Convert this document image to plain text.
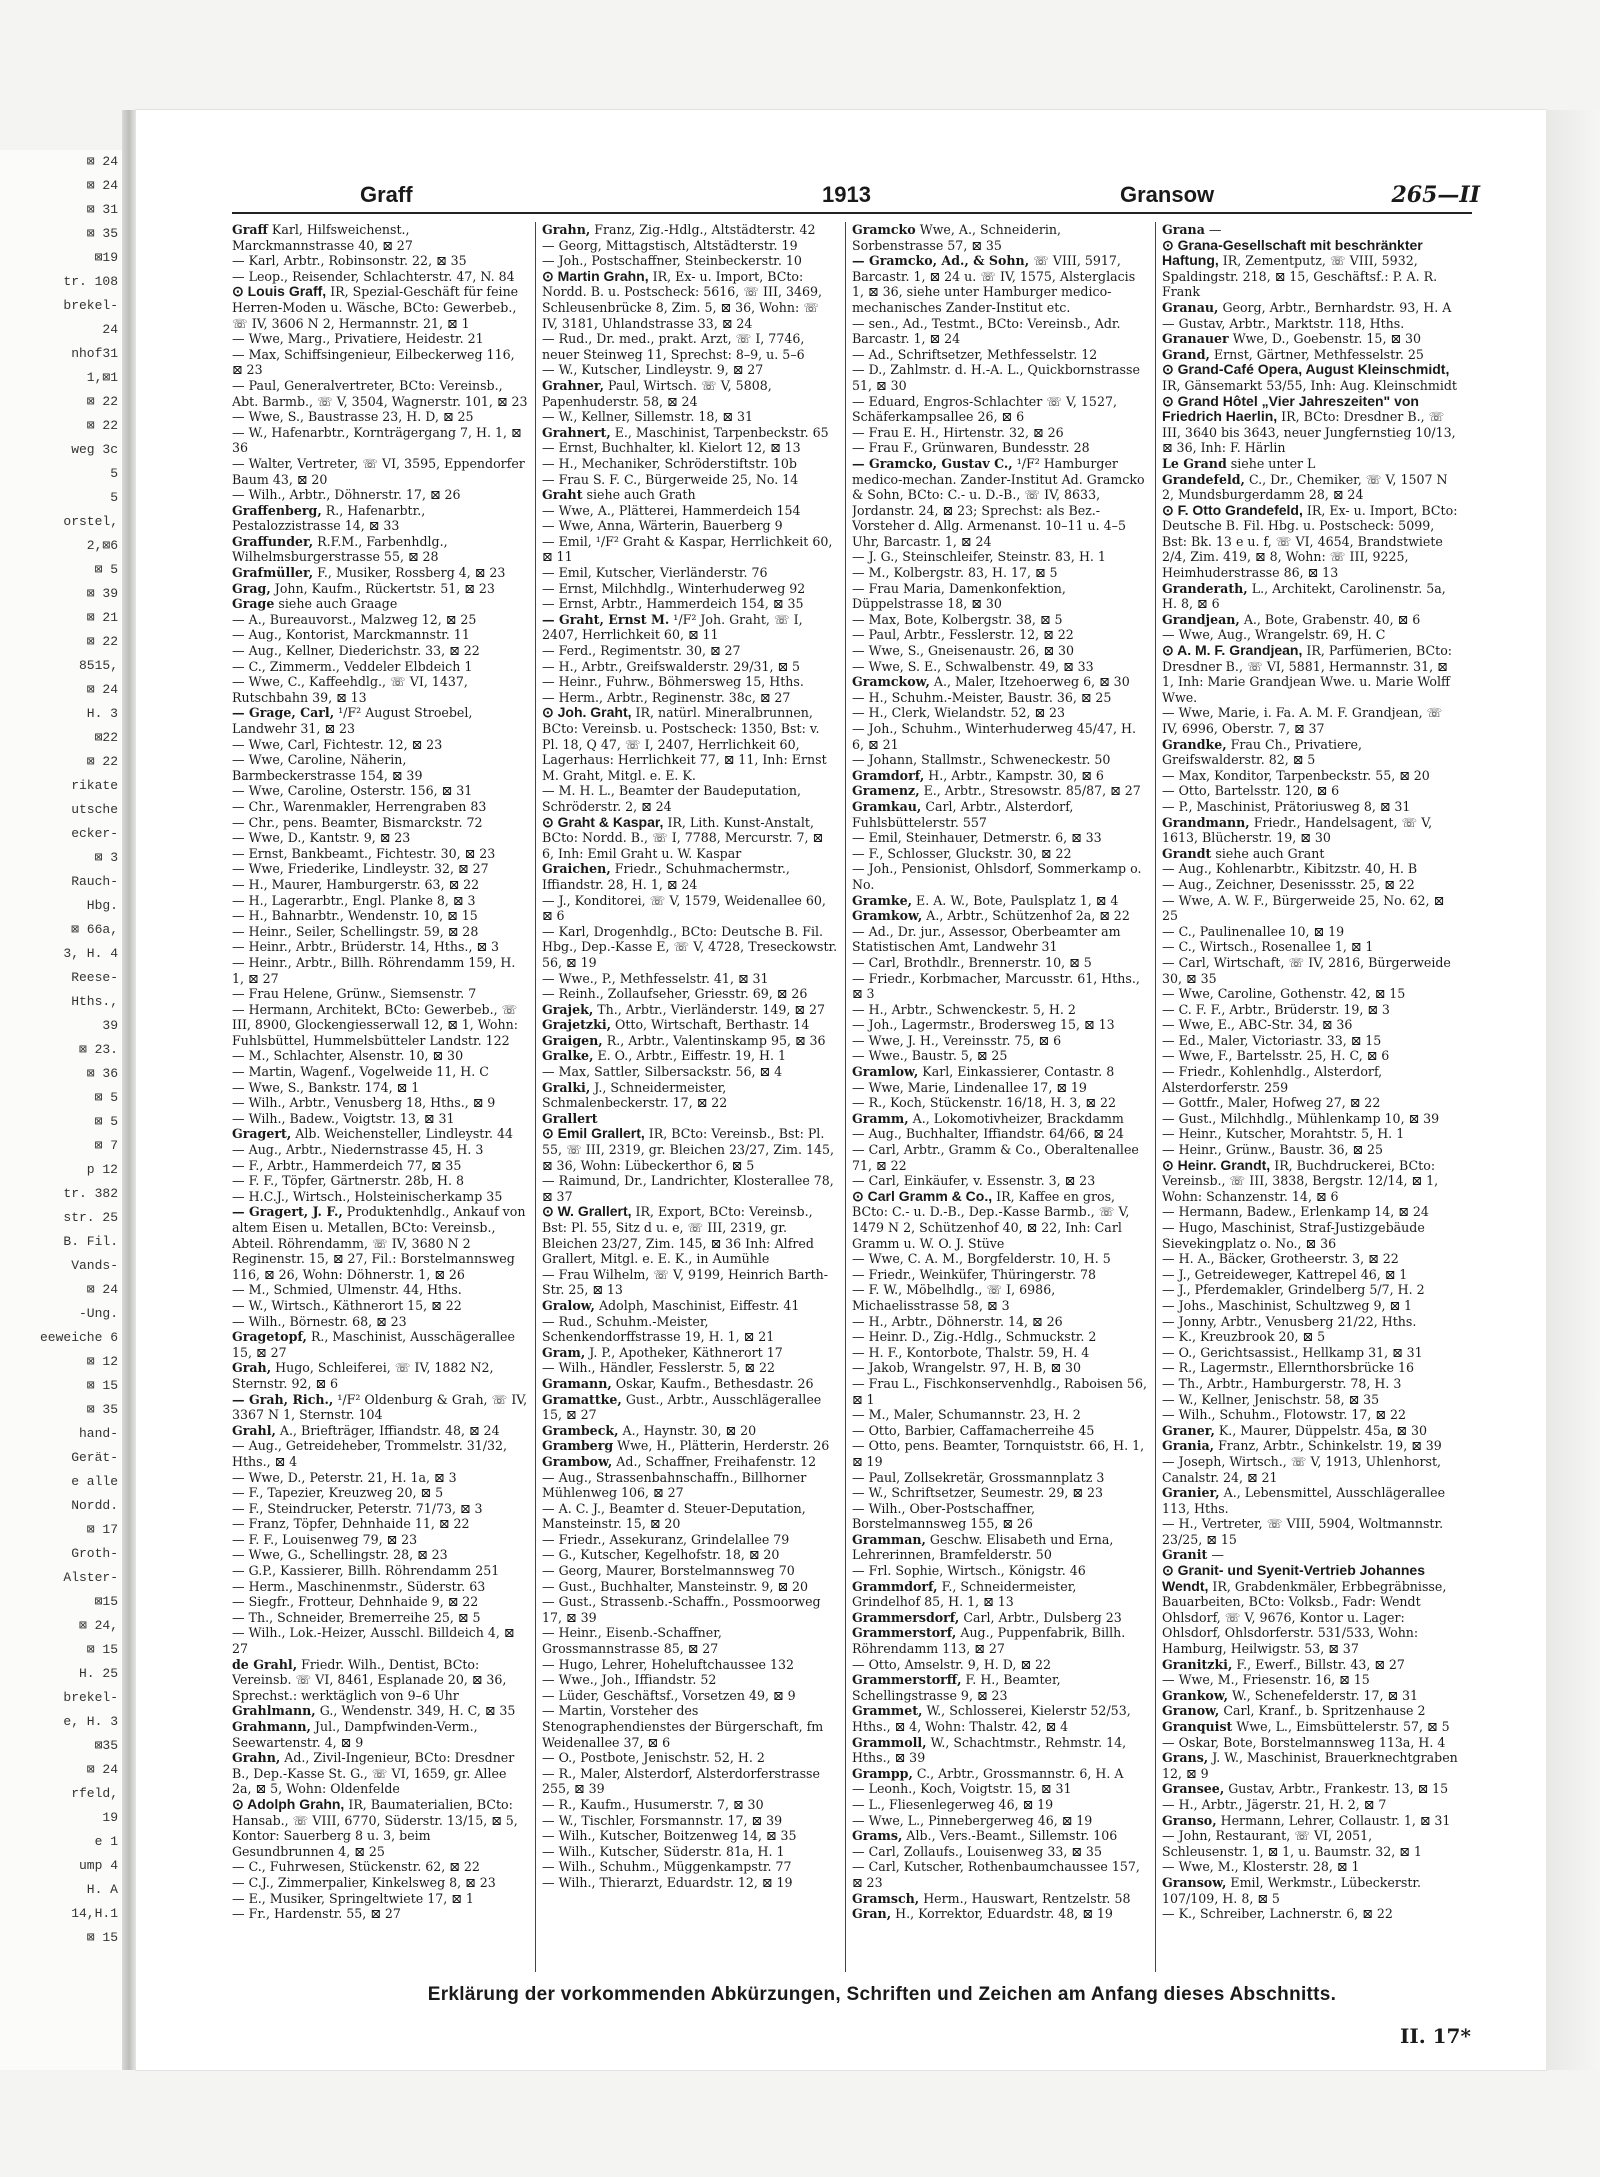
⊠ 24
⊠ 24
⊠ 31
⊠ 35
⊠19
tr. 108
brekel-
24
nhof31
1,⊠1
⊠ 22
⊠ 22
weg 3c
5
5
orstel,
2,⊠6
⊠ 5
⊠ 39
⊠ 21
⊠ 22
8515,
⊠ 24
H. 3
⊠22
⊠ 22
rikate
utsche
ecker-
⊠ 3
Rauch-
Hbg.
⊠ 66a,
3, H. 4
Reese-
Hths.,
39
⊠ 23.
⊠ 36
⊠ 5
⊠ 5
⊠ 7
p 12
tr. 382
str. 25
B. Fil.
Vands-
⊠ 24
-Ung.
eeweiche 6
⊠ 12
⊠ 15
⊠ 35
hand-
Gerät-
e alle
Nordd.
⊠ 17
Groth-
Alster-
⊠15
⊠ 24,
⊠ 15
H. 25
brekel-
e, H. 3
⊠35
⊠ 24
rfeld,
19
e 1
ump 4
H. A
14,H.1
⊠ 15
Graff	1913	Gransow	265—II
Graff Karl, Hilfsweichenst., Marckmannstrasse 40, ⊠ 27
— Karl, Arbtr., Robinsonstr. 22, ⊠ 35
— Leop., Reisender, Schlachterstr. 47, N. 84
⊙ Louis Graff, IR, Spezial-Geschäft für feine Herren-Moden u. Wäsche, BCto: Gewerbeb., ☏ IV, 3606 N 2, Hermannstr. 21, ⊠ 1
— Wwe, Marg., Privatiere, Heidestr. 21
— Max, Schiffsingenieur, Eilbeckerweg 116, ⊠ 23
— Paul, Generalvertreter, BCto: Vereinsb., Abt. Barmb., ☏ V, 3504, Wagnerstr. 101, ⊠ 23
— Wwe, S., Baustrasse 23, H. D, ⊠ 25
— W., Hafenarbtr., Kornträgergang 7, H. 1, ⊠ 36
— Walter, Vertreter, ☏ VI, 3595, Eppendorfer Baum 43, ⊠ 20
— Wilh., Arbtr., Döhnerstr. 17, ⊠ 26
Graffenberg, R., Hafenarbtr., Pestalozzistrasse 14, ⊠ 33
Graffunder, R.F.M., Farbenhdlg., Wilhelmsburgerstrasse 55, ⊠ 28
Grafmüller, F., Musiker, Rossberg 4, ⊠ 23
Grag, John, Kaufm., Rückertstr. 51, ⊠ 23
Grage siehe auch Graage
— A., Bureauvorst., Malzweg 12, ⊠ 25
— Aug., Kontorist, Marckmannstr. 11
— Aug., Kellner, Diederichstr. 33, ⊠ 22
— C., Zimmerm., Veddeler Elbdeich 1
— Wwe, C., Kaffeehdlg., ☏ VI, 1437, Rutschbahn 39, ⊠ 13
— Grage, Carl, ¹/F² August Stroebel, Landwehr 31, ⊠ 23
— Wwe, Carl, Fichtestr. 12, ⊠ 23
— Wwe, Caroline, Näherin, Barmbeckerstrasse 154, ⊠ 39
— Wwe, Caroline, Osterstr. 156, ⊠ 31
— Chr., Warenmakler, Herrengraben 83
— Chr., pens. Beamter, Bismarckstr. 72
— Wwe, D., Kantstr. 9, ⊠ 23
— Ernst, Bankbeamt., Fichtestr. 30, ⊠ 23
— Wwe, Friederike, Lindleystr. 32, ⊠ 27
— H., Maurer, Hamburgerstr. 63, ⊠ 22
— H., Lagerarbtr., Engl. Planke 8, ⊠ 3
— H., Bahnarbtr., Wendenstr. 10, ⊠ 15
— Heinr., Seiler, Schellingstr. 59, ⊠ 28
— Heinr., Arbtr., Brüderstr. 14, Hths., ⊠ 3
— Heinr., Arbtr., Billh. Röhrendamm 159, H. 1, ⊠ 27
— Frau Helene, Grünw., Siemsenstr. 7
— Hermann, Architekt, BCto: Gewerbeb., ☏ III, 8900, Glockengiesserwall 12, ⊠ 1, Wohn: Fuhlsbüttel, Hummelsbütteler Landstr. 122
— M., Schlachter, Alsenstr. 10, ⊠ 30
— Martin, Wagenf., Vogelweide 11, H. C
— Wwe, S., Bankstr. 174, ⊠ 1
— Wilh., Arbtr., Venusberg 18, Hths., ⊠ 9
— Wilh., Badew., Voigtstr. 13, ⊠ 31
Gragert, Alb. Weichensteller, Lindleystr. 44
— Aug., Arbtr., Niedernstrasse 45, H. 3
— F., Arbtr., Hammerdeich 77, ⊠ 35
— F. F., Töpfer, Gärtnerstr. 28b, H. 8
— H.C.J., Wirtsch., Holsteinischerkamp 35
— Gragert, J. F., Produktenhdlg., Ankauf von altem Eisen u. Metallen, BCto: Vereinsb., Abteil. Röhrendamm, ☏ IV, 3680 N 2 Reginenstr. 15, ⊠ 27, Fil.: Borstelmannsweg 116, ⊠ 26, Wohn: Döhnerstr. 1, ⊠ 26
— M., Schmied, Ulmenstr. 44, Hths.
— W., Wirtsch., Käthnerort 15, ⊠ 22
— Wilh., Börnestr. 68, ⊠ 23
Gragetopf, R., Maschinist, Ausschägerallee 15, ⊠ 27
Grah, Hugo, Schleiferei, ☏ IV, 1882 N2, Sternstr. 92, ⊠ 6
— Grah, Rich., ¹/F² Oldenburg & Grah, ☏ IV, 3367 N 1, Sternstr. 104
Grahl, A., Briefträger, Iffiandstr. 48, ⊠ 24
— Aug., Getreideheber, Trommelstr. 31/32, Hths., ⊠ 4
— Wwe, D., Peterstr. 21, H. 1a, ⊠ 3
— F., Tapezier, Kreuzweg 20, ⊠ 5
— F., Steindrucker, Peterstr. 71/73, ⊠ 3
— Franz, Töpfer, Dehnhaide 11, ⊠ 22
— F. F., Louisenweg 79, ⊠ 23
— Wwe, G., Schellingstr. 28, ⊠ 23
— G.P., Kassierer, Billh. Röhrendamm 251
— Herm., Maschinenmstr., Süderstr. 63
— Siegfr., Frotteur, Dehnhaide 9, ⊠ 22
— Th., Schneider, Bremerreihe 25, ⊠ 5
— Wilh., Lok.-Heizer, Ausschl. Billdeich 4, ⊠ 27
de Grahl, Friedr. Wilh., Dentist, BCto: Vereinsb. ☏ VI, 8461, Esplanade 20, ⊠ 36, Sprechst.: werktäglich von 9–6 Uhr
Grahlmann, G., Wendenstr. 349, H. C, ⊠ 35
Grahmann, Jul., Dampfwinden-Verm., Seewartenstr. 4, ⊠ 9
Grahn, Ad., Zivil-Ingenieur, BCto: Dresdner B., Dep.-Kasse St. G., ☏ VI, 1659, gr. Allee 2a, ⊠ 5, Wohn: Oldenfelde
⊙ Adolph Grahn, IR, Baumaterialien, BCto: Hansab., ☏ VIII, 6770, Süderstr. 13/15, ⊠ 5, Kontor: Sauerberg 8 u. 3, beim Gesundbrunnen 4, ⊠ 25
— C., Fuhrwesen, Stückenstr. 62, ⊠ 22
— C.J., Zimmerpalier, Kinkelsweg 8, ⊠ 23
— E., Musiker, Springeltwiete 17, ⊠ 1
— Fr., Hardenstr. 55, ⊠ 27
Grahn, Franz, Zig.-Hdlg., Altstädterstr. 42
— Georg, Mittagstisch, Altstädterstr. 19
— Joh., Postschaffner, Steinbeckerstr. 10
⊙ Martin Grahn, IR, Ex- u. Import, BCto: Nordd. B. u. Postscheck: 5616, ☏ III, 3469, Schleusenbrücke 8, Zim. 5, ⊠ 36, Wohn: ☏ IV, 3181, Uhlandstrasse 33, ⊠ 24
— Rud., Dr. med., prakt. Arzt, ☏ I, 7746, neuer Steinweg 11, Sprechst: 8–9, u. 5–6
— W., Kutscher, Lindleystr. 9, ⊠ 27
Grahner, Paul, Wirtsch. ☏ V, 5808, Papenhuderstr. 58, ⊠ 24
— W., Kellner, Sillemstr. 18, ⊠ 31
Grahnert, E., Maschinist, Tarpenbeckstr. 65
— Ernst, Buchhalter, kl. Kielort 12, ⊠ 13
— H., Mechaniker, Schröderstiftstr. 10b
— Frau S. F. C., Bürgerweide 25, No. 14
Graht siehe auch Grath
— Wwe, A., Plätterei, Hammerdeich 154
— Wwe, Anna, Wärterin, Bauerberg 9
— Emil, ¹/F² Graht & Kaspar, Herrlichkeit 60, ⊠ 11
— Emil, Kutscher, Vierländerstr. 76
— Ernst, Milchhdlg., Winterhuderweg 92
— Ernst, Arbtr., Hammerdeich 154, ⊠ 35
— Graht, Ernst M. ¹/F² Joh. Graht, ☏ I, 2407, Herrlichkeit 60, ⊠ 11
— Ferd., Regimentstr. 30, ⊠ 27
— H., Arbtr., Greifswalderstr. 29/31, ⊠ 5
— Heinr., Fuhrw., Böhmersweg 15, Hths.
— Herm., Arbtr., Reginenstr. 38c, ⊠ 27
⊙ Joh. Graht, IR, natürl. Mineralbrunnen, BCto: Vereinsb. u. Postscheck: 1350, Bst: v. Pl. 18, Q 47, ☏ I, 2407, Herrlichkeit 60, Lagerhaus: Herrlichkeit 77, ⊠ 11, Inh: Ernst M. Graht, Mitgl. e. E. K.
— M. H. L., Beamter der Baudeputation, Schröderstr. 2, ⊠ 24
⊙ Graht & Kaspar, IR, Lith. Kunst-Anstalt, BCto: Nordd. B., ☏ I, 7788, Mercurstr. 7, ⊠ 6, Inh: Emil Graht u. W. Kaspar
Graichen, Friedr., Schuhmachermstr., Iffiandstr. 28, H. 1, ⊠ 24
— J., Konditorei, ☏ V, 1579, Weidenallee 60, ⊠ 6
— Karl, Drogenhdlg., BCto: Deutsche B. Fil. Hbg., Dep.-Kasse E, ☏ V, 4728, Treseckowstr. 56, ⊠ 19
— Wwe., P., Methfesselstr. 41, ⊠ 31
— Reinh., Zollaufseher, Griesstr. 69, ⊠ 26
Grajek, Th., Arbtr., Vierländerstr. 149, ⊠ 27
Grajetzki, Otto, Wirtschaft, Berthastr. 14
Graigen, R., Arbtr., Valentinskamp 95, ⊠ 36
Gralke, E. O., Arbtr., Eiffestr. 19, H. 1
— Max, Sattler, Silbersackstr. 56, ⊠ 4
Gralki, J., Schneidermeister, Schmalenbeckerstr. 17, ⊠ 22
Grallert
⊙ Emil Grallert, IR, BCto: Vereinsb., Bst: Pl. 55, ☏ III, 2319, gr. Bleichen 23/27, Zim. 145, ⊠ 36, Wohn: Lübeckerthor 6, ⊠ 5
— Raimund, Dr., Landrichter, Klosterallee 78, ⊠ 37
⊙ W. Grallert, IR, Export, BCto: Vereinsb., Bst: Pl. 55, Sitz d u. e, ☏ III, 2319, gr. Bleichen 23/27, Zim. 145, ⊠ 36 Inh: Alfred Grallert, Mitgl. e. E. K., in Aumühle
— Frau Wilhelm, ☏ V, 9199, Heinrich Barth-Str. 25, ⊠ 13
Gralow, Adolph, Maschinist, Eiffestr. 41
— Rud., Schuhm.-Meister, Schenkendorffstrasse 19, H. 1, ⊠ 21
Gram, J. P., Apotheker, Käthnerort 17
— Wilh., Händler, Fesslerstr. 5, ⊠ 22
Gramann, Oskar, Kaufm., Bethesdastr. 26
Gramattke, Gust., Arbtr., Ausschlägerallee 15, ⊠ 27
Grambeck, A., Haynstr. 30, ⊠ 20
Gramberg Wwe, H., Plätterin, Herderstr. 26
Grambow, Ad., Schaffner, Freihafenstr. 12
— Aug., Strassenbahnschaffn., Billhorner Mühlenweg 106, ⊠ 27
— A. C. J., Beamter d. Steuer-Deputation, Mansteinstr. 15, ⊠ 20
— Friedr., Assekuranz, Grindelallee 79
— G., Kutscher, Kegelhofstr. 18, ⊠ 20
— Georg, Maurer, Borstelmannsweg 70
— Gust., Buchhalter, Mansteinstr. 9, ⊠ 20
— Gust., Strassenb.-Schaffn., Possmoorweg 17, ⊠ 39
— Heinr., Eisenb.-Schaffner, Grossmannstrasse 85, ⊠ 27
— Hugo, Lehrer, Hoheluftchaussee 132
— Wwe., Joh., Iffiandstr. 52
— Lüder, Geschäftsf., Vorsetzen 49, ⊠ 9
— Martin, Vorsteher des Stenographendienstes der Bürgerschaft, fm Weidenallee 37, ⊠ 6
— O., Postbote, Jenischstr. 52, H. 2
— R., Maler, Alsterdorf, Alsterdorferstrasse 255, ⊠ 39
— R., Kaufm., Husumerstr. 7, ⊠ 30
— W., Tischler, Forsmannstr. 17, ⊠ 39
— Wilh., Kutscher, Boitzenweg 14, ⊠ 35
— Wilh., Kutscher, Süderstr. 81a, H. 1
— Wilh., Schuhm., Müggenkampstr. 77
— Wilh., Thierarzt, Eduardstr. 12, ⊠ 19
Gramcko Wwe, A., Schneiderin, Sorbenstrasse 57, ⊠ 35
— Gramcko, Ad., & Sohn, ☏ VIII, 5917, Barcastr. 1, ⊠ 24 u. ☏ IV, 1575, Alsterglacis 1, ⊠ 36, siehe unter Hamburger medico-mechanisches Zander-Institut etc.
— sen., Ad., Testmt., BCto: Vereinsb., Adr. Barcastr. 1, ⊠ 24
— Ad., Schriftsetzer, Methfesselstr. 12
— D., Zahlmstr. d. H.-A. L., Quickbornstrasse 51, ⊠ 30
— Eduard, Engros-Schlachter ☏ V, 1527, Schäferkampsallee 26, ⊠ 6
— Frau E. H., Hirtenstr. 32, ⊠ 26
— Frau F., Grünwaren, Bundesstr. 28
— Gramcko, Gustav C., ¹/F² Hamburger medico-mechan. Zander-Institut Ad. Gramcko & Sohn, BCto: C.- u. D.-B., ☏ IV, 8633, Jordanstr. 24, ⊠ 23; Sprechst: als Bez.-Vorsteher d. Allg. Armenanst. 10–11 u. 4–5 Uhr, Barcastr. 1, ⊠ 24
— J. G., Steinschleifer, Steinstr. 83, H. 1
— M., Kolbergstr. 83, H. 17, ⊠ 5
— Frau Maria, Damenkonfektion, Düppelstrasse 18, ⊠ 30
— Max, Bote, Kolbergstr. 38, ⊠ 5
— Paul, Arbtr., Fesslerstr. 12, ⊠ 22
— Wwe, S., Gneisenaustr. 26, ⊠ 30
— Wwe, S. E., Schwalbenstr. 49, ⊠ 33
Gramckow, A., Maler, Itzehoerweg 6, ⊠ 30
— H., Schuhm.-Meister, Baustr. 36, ⊠ 25
— H., Clerk, Wielandstr. 52, ⊠ 23
— Joh., Schuhm., Winterhuderweg 45/47, H. 6, ⊠ 21
— Johann, Stallmstr., Schweneckestr. 50
Gramdorf, H., Arbtr., Kampstr. 30, ⊠ 6
Gramenz, E., Arbtr., Stresowstr. 85/87, ⊠ 27
Gramkau, Carl, Arbtr., Alsterdorf, Fuhlsbüttelerstr. 557
— Emil, Steinhauer, Detmerstr. 6, ⊠ 33
— F., Schlosser, Gluckstr. 30, ⊠ 22
— Joh., Pensionist, Ohlsdorf, Sommerkamp o. No.
Gramke, E. A. W., Bote, Paulsplatz 1, ⊠ 4
Gramkow, A., Arbtr., Schützenhof 2a, ⊠ 22
— Ad., Dr. jur., Assessor, Oberbeamter am Statistischen Amt, Landwehr 31
— Carl, Brothdlr., Brennerstr. 10, ⊠ 5
— Friedr., Korbmacher, Marcusstr. 61, Hths., ⊠ 3
— H., Arbtr., Schwenckestr. 5, H. 2
— Joh., Lagermstr., Brodersweg 15, ⊠ 13
— Wwe, J. H., Vereinsstr. 75, ⊠ 6
— Wwe., Baustr. 5, ⊠ 25
Gramlow, Karl, Einkassierer, Contastr. 8
— Wwe, Marie, Lindenallee 17, ⊠ 19
— R., Koch, Stückenstr. 16/18, H. 3, ⊠ 22
Gramm, A., Lokomotivheizer, Brackdamm
— Aug., Buchhalter, Iffiandstr. 64/66, ⊠ 24
— Carl, Arbtr., Gramm & Co., Oberaltenallee 71, ⊠ 22
— Carl, Einkäufer, v. Essenstr. 3, ⊠ 23
⊙ Carl Gramm & Co., IR, Kaffee en gros, BCto: C.- u. D.-B., Dep.-Kasse Barmb., ☏ V, 1479 N 2, Schützenhof 40, ⊠ 22, Inh: Carl Gramm u. W. O. J. Stüve
— Wwe, C. A. M., Borgfelderstr. 10, H. 5
— Friedr., Weinküfer, Thüringerstr. 78
— F. W., Möbelhdlg., ☏ I, 6986, Michaelisstrasse 58, ⊠ 3
— H., Arbtr., Döhnerstr. 14, ⊠ 26
— Heinr. D., Zig.-Hdlg., Schmuckstr. 2
— H. F., Kontorbote, Thalstr. 59, H. 4
— Jakob, Wrangelstr. 97, H. B, ⊠ 30
— Frau L., Fischkonservenhdlg., Raboisen 56, ⊠ 1
— M., Maler, Schumannstr. 23, H. 2
— Otto, Barbier, Caffamacherreihe 45
— Otto, pens. Beamter, Tornquiststr. 66, H. 1, ⊠ 19
— Paul, Zollsekretär, Grossmannplatz 3
— W., Schriftsetzer, Seumestr. 29, ⊠ 23
— Wilh., Ober-Postschaffner, Borstelmannsweg 155, ⊠ 26
Gramman, Geschw. Elisabeth und Erna, Lehrerinnen, Bramfelderstr. 50
— Frl. Sophie, Wirtsch., Königstr. 46
Grammdorf, F., Schneidermeister, Grindelhof 85, H. 1, ⊠ 13
Grammersdorf, Carl, Arbtr., Dulsberg 23
Grammerstorf, Aug., Puppenfabrik, Billh. Röhrendamm 113, ⊠ 27
— Otto, Amselstr. 9, H. D, ⊠ 22
Grammerstorff, F. H., Beamter, Schellingstrasse 9, ⊠ 23
Grammet, W., Schlosserei, Kielerstr 52/53, Hths., ⊠ 4, Wohn: Thalstr. 42, ⊠ 4
Grammoll, W., Schachtmstr., Rehmstr. 14, Hths., ⊠ 39
Grampp, C., Arbtr., Grossmannstr. 6, H. A
— Leonh., Koch, Voigtstr. 15, ⊠ 31
— L., Fliesenlegerweg 46, ⊠ 19
— Wwe, L., Pinnebergerweg 46, ⊠ 19
Grams, Alb., Vers.-Beamt., Sillemstr. 106
— Carl, Zollaufs., Louisenweg 33, ⊠ 35
— Carl, Kutscher, Rothenbaumchaussee 157, ⊠ 23
Gramsch, Herm., Hauswart, Rentzelstr. 58
Gran, H., Korrektor, Eduardstr. 48, ⊠ 19
Grana —
⊙ Grana-Gesellschaft mit beschränkter Haftung, IR, Zementputz, ☏ VIII, 5932, Spaldingstr. 218, ⊠ 15, Geschäftsf.: P. A. R. Frank
Granau, Georg, Arbtr., Bernhardstr. 93, H. A
— Gustav, Arbtr., Marktstr. 118, Hths.
Granauer Wwe, D., Goebenstr. 15, ⊠ 30
Grand, Ernst, Gärtner, Methfesselstr. 25
⊙ Grand-Café Opera, August Kleinschmidt, IR, Gänsemarkt 53/55, Inh: Aug. Kleinschmidt
⊙ Grand Hôtel „Vier Jahreszeiten" von Friedrich Haerlin, IR, BCto: Dresdner B., ☏ III, 3640 bis 3643, neuer Jungfernstieg 10/13, ⊠ 36, Inh: F. Härlin
Le Grand siehe unter L
Grandefeld, C., Dr., Chemiker, ☏ V, 1507 N 2, Mundsburgerdamm 28, ⊠ 24
⊙ F. Otto Grandefeld, IR, Ex- u. Import, BCto: Deutsche B. Fil. Hbg. u. Postscheck: 5099, Bst: Bk. 13 e u. f, ☏ VI, 4654, Brandstwiete 2/4, Zim. 419, ⊠ 8, Wohn: ☏ III, 9225, Heimhuderstrasse 86, ⊠ 13
Granderath, L., Architekt, Carolinenstr. 5a, H. 8, ⊠ 6
Grandjean, A., Bote, Grabenstr. 40, ⊠ 6
— Wwe, Aug., Wrangelstr. 69, H. C
⊙ A. M. F. Grandjean, IR, Parfümerien, BCto: Dresdner B., ☏ VI, 5881, Hermannstr. 31, ⊠ 1, Inh: Marie Grandjean Wwe. u. Marie Wolff Wwe.
— Wwe, Marie, i. Fa. A. M. F. Grandjean, ☏ IV, 6996, Oberstr. 7, ⊠ 37
Grandke, Frau Ch., Privatiere, Greifswalderstr. 82, ⊠ 5
— Max, Konditor, Tarpenbeckstr. 55, ⊠ 20
— Otto, Bartelsstr. 120, ⊠ 6
— P., Maschinist, Prätoriusweg 8, ⊠ 31
Grandmann, Friedr., Handelsagent, ☏ V, 1613, Blücherstr. 19, ⊠ 30
Grandt siehe auch Grant
— Aug., Kohlenarbtr., Kibitzstr. 40, H. B
— Aug., Zeichner, Desenissstr. 25, ⊠ 22
— Wwe, A. W. F., Bürgerweide 25, No. 62, ⊠ 25
— C., Paulinenallee 10, ⊠ 19
— C., Wirtsch., Rosenallee 1, ⊠ 1
— Carl, Wirtschaft, ☏ IV, 2816, Bürgerweide 30, ⊠ 35
— Wwe, Caroline, Gothenstr. 42, ⊠ 15
— C. F. F., Arbtr., Brüderstr. 19, ⊠ 3
— Wwe, E., ABC-Str. 34, ⊠ 36
— Ed., Maler, Victoriastr. 33, ⊠ 15
— Wwe, F., Bartelsstr. 25, H. C, ⊠ 6
— Friedr., Kohlenhdlg., Alsterdorf, Alsterdorferstr. 259
— Gottfr., Maler, Hofweg 27, ⊠ 22
— Gust., Milchhdlg., Mühlenkamp 10, ⊠ 39
— Heinr., Kutscher, Morahtstr. 5, H. 1
— Heinr., Grünw., Baustr. 36, ⊠ 25
⊙ Heinr. Grandt, IR, Buchdruckerei, BCto: Vereinsb., ☏ III, 3838, Bergstr. 12/14, ⊠ 1, Wohn: Schanzenstr. 14, ⊠ 6
— Hermann, Badew., Erlenkamp 14, ⊠ 24
— Hugo, Maschinist, Straf-Justizgebäude Sievekingplatz o. No., ⊠ 36
— H. A., Bäcker, Grotheerstr. 3, ⊠ 22
— J., Getreideweger, Kattrepel 46, ⊠ 1
— J., Pferdemakler, Grindelberg 5/7, H. 2
— Johs., Maschinist, Schultzweg 9, ⊠ 1
— Jonny, Arbtr., Venusberg 21/22, Hths.
— K., Kreuzbrook 20, ⊠ 5
— O., Gerichtsassist., Hellkamp 31, ⊠ 31
— R., Lagermstr., Ellernthorsbrücke 16
— Th., Arbtr., Hamburgerstr. 78, H. 3
— W., Kellner, Jenischstr. 58, ⊠ 35
— Wilh., Schuhm., Flotowstr. 17, ⊠ 22
Graner, K., Maurer, Düppelstr. 45a, ⊠ 30
Grania, Franz, Arbtr., Schinkelstr. 19, ⊠ 39
— Joseph, Wirtsch., ☏ V, 1913, Uhlenhorst, Canalstr. 24, ⊠ 21
Granier, A., Lebensmittel, Ausschlägerallee 113, Hths.
— H., Vertreter, ☏ VIII, 5904, Woltmannstr. 23/25, ⊠ 15
Granit —
⊙ Granit- und Syenit-Vertrieb Johannes Wendt, IR, Grabdenkmäler, Erbbegräbnisse, Bauarbeiten, BCto: Volksb., Fadr: Wendt Ohlsdorf, ☏ V, 9676, Kontor u. Lager: Ohlsdorf, Ohlsdorferstr. 531/533, Wohn: Hamburg, Heilwigstr. 53, ⊠ 37
Granitzki, F., Ewerf., Billstr. 43, ⊠ 27
— Wwe, M., Friesenstr. 16, ⊠ 15
Grankow, W., Schenefelderstr. 17, ⊠ 31
Granow, Carl, Kranf., b. Spritzenhause 2
Granquist Wwe, L., Eimsbüttelerstr. 57, ⊠ 5
— Oskar, Bote, Borstelmannsweg 113a, H. 4
Grans, J. W., Maschinist, Brauerknechtgraben 12, ⊠ 9
Gransee, Gustav, Arbtr., Frankestr. 13, ⊠ 15
— H., Arbtr., Jägerstr. 21, H. 2, ⊠ 7
Granso, Hermann, Lehrer, Collaustr. 1, ⊠ 31
— John, Restaurant, ☏ VI, 2051, Schleusenstr. 1, ⊠ 1, u. Baumstr. 32, ⊠ 1
— Wwe, M., Klosterstr. 28, ⊠ 1
Gransow, Emil, Werkmstr., Lübeckerstr. 107/109, H. 8, ⊠ 5
— K., Schreiber, Lachnerstr. 6, ⊠ 22
Erklärung der vorkommenden Abkürzungen, Schriften und Zeichen am Anfang dieses Abschnitts.
II. 17*
